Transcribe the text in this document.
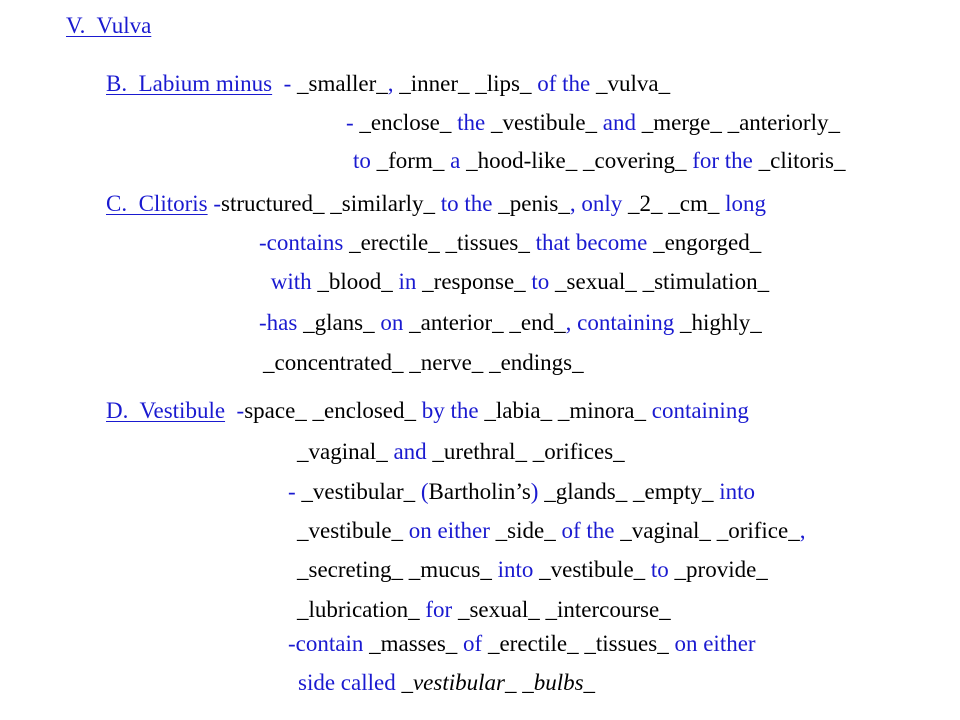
V.  Vulva
B.  Labium minus  - _smaller_, _inner_ _lips_ of the _vulva_
- _enclose_ the _vestibule_ and _merge_ _anteriorly_
to _form_ a _hood-like_ _covering_ for the _clitoris_
C.  Clitoris -structured_ _similarly_ to the _penis_, only _2_ _cm_ long
-contains _erectile_ _tissues_ that become _engorged_
with _blood_ in _response_ to _sexual_ _stimulation_
-has _glans_ on _anterior_ _end_, containing _highly_
_concentrated_ _nerve_ _endings_
D.  Vestibule  -space_ _enclosed_ by the _labia_ _minora_ containing
_vaginal_ and _urethral_ _orifices_
- _vestibular_ (Bartholin’s) _glands_ _empty_ into
_vestibule_ on either _side_ of the _vaginal_ _orifice_,
_secreting_ _mucus_ into _vestibule_ to _provide_
_lubrication_ for _sexual_ _intercourse_
-contain _masses_ of _erectile_ _tissues_ on either
side called _vestibular_ _bulbs_
